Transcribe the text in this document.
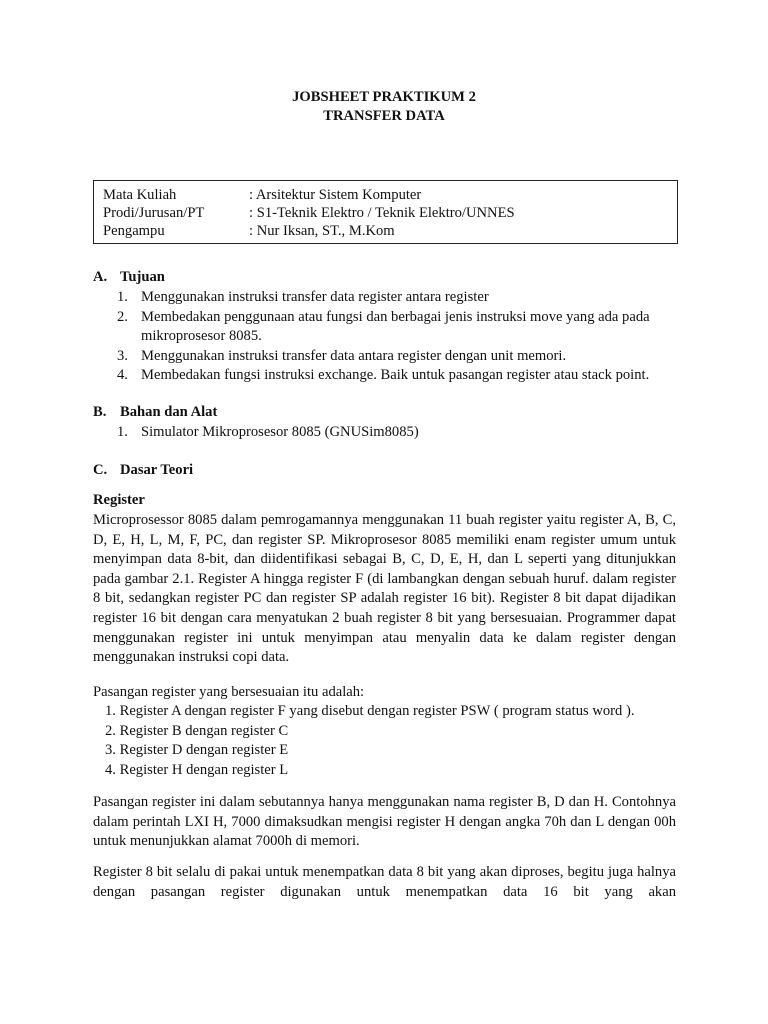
JOBSHEET PRAKTIKUM 2
TRANSFER DATA
Mata Kuliah	: Arsitektur Sistem Komputer
Prodi/Jurusan/PT	: S1-Teknik Elektro / Teknik Elektro/UNNES
Pengampu	: Nur Iksan, ST., M.Kom
A. Tujuan
1. Menggunakan instruksi transfer data register antara register
2. Membedakan penggunaan atau fungsi dan berbagai jenis instruksi move yang ada pada mikroprosesor 8085.
3. Menggunakan instruksi transfer data antara register dengan unit memori.
4. Membedakan fungsi instruksi exchange. Baik untuk pasangan register atau stack point.
B. Bahan dan Alat
1. Simulator Mikroprosesor 8085 (GNUSim8085)
C. Dasar Teori
Register

Microprosessor 8085 dalam pemrogamannya menggunakan 11 buah register yaitu register A, B, C, D, E, H, L, M, F, PC, dan register SP. Mikroprosesor 8085 memiliki enam register umum untuk menyimpan data 8-bit, dan diidentifikasi sebagai B, C, D, E, H, dan L seperti yang ditunjukkan pada gambar 2.1. Register A hingga register F (di lambangkan dengan sebuah huruf. dalam register 8 bit, sedangkan register PC dan register SP adalah register 16 bit). Register 8 bit dapat dijadikan register 16 bit dengan cara menyatukan 2 buah register 8 bit yang bersesuaian. Programmer dapat menggunakan register ini untuk menyimpan atau menyalin data ke dalam register dengan menggunakan instruksi copi data.

Pasangan register yang bersesuaian itu adalah:

1. Register A dengan register F yang disebut dengan register PSW ( program status word ).
2. Register B dengan register C
3. Register D dengan register E
4. Register H dengan register L

Pasangan register ini dalam sebutannya hanya menggunakan nama register B, D dan H. Contohnya dalam perintah LXI H, 7000 dimaksudkan mengisi register H dengan angka 70h dan L dengan 00h untuk menunjukkan alamat 7000h di memori.

Register 8 bit selalu di pakai untuk menempatkan data 8 bit yang akan diproses, begitu juga halnya dengan pasangan register digunakan untuk menempatkan data 16 bit yang akan
